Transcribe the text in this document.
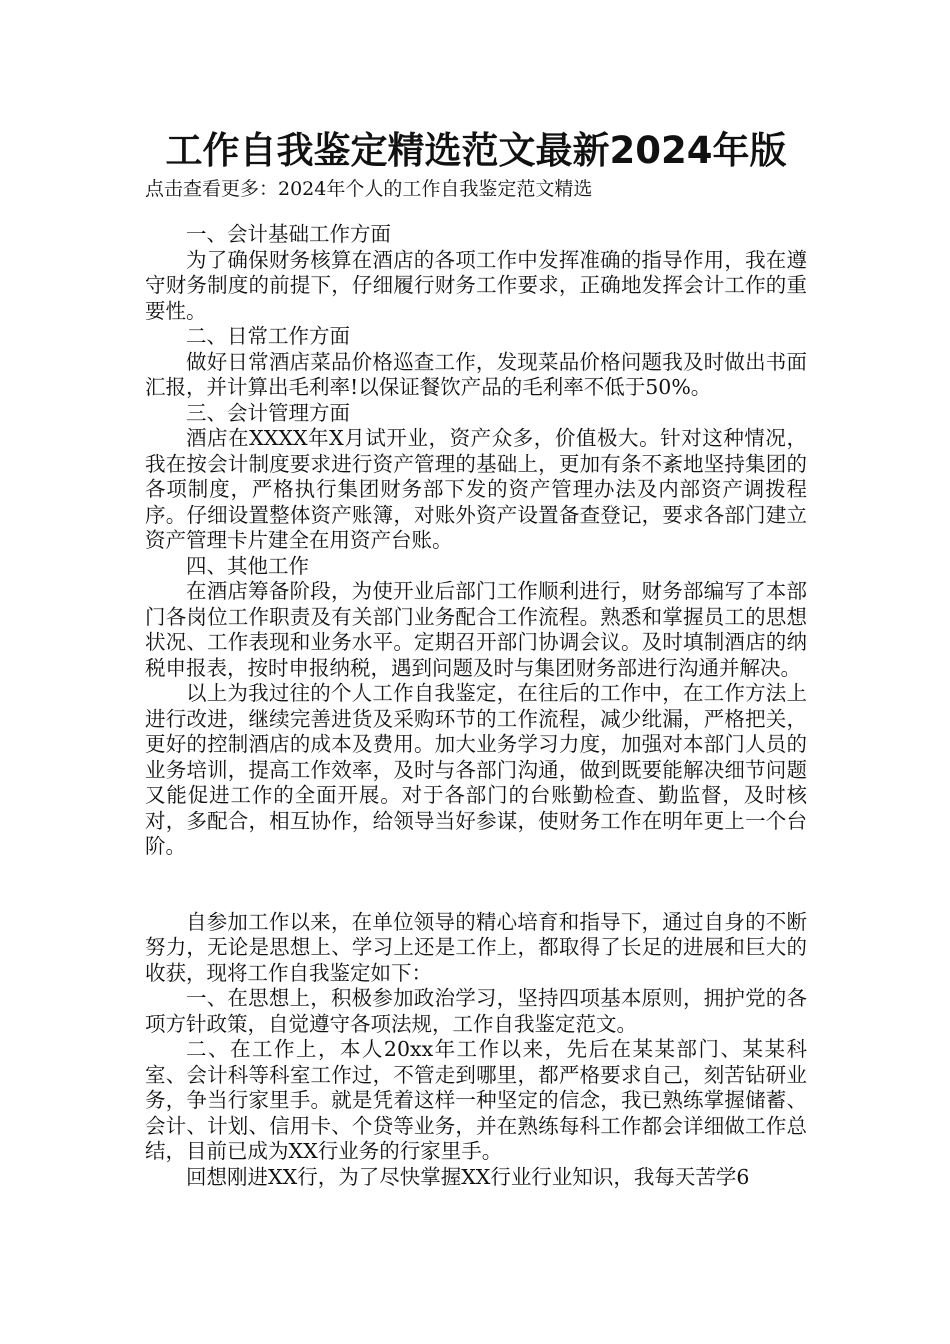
工作自我鉴定精选范文最新2024年版
点击查看更多：2024年个人的工作自我鉴定范文精选

一、会计基础工作方面

为了确保财务核算在酒店的各项工作中发挥准确的指导作用，我在遵守财务制度的前提下，仔细履行财务工作要求，正确地发挥会计工作的重要性。

二、日常工作方面

做好日常酒店菜品价格巡查工作，发现菜品价格问题我及时做出书面汇报，并计算出毛利率!以保证餐饮产品的毛利率不低于50%。

三、会计管理方面

酒店在XXXX年X月试开业，资产众多，价值极大。针对这种情况，我在按会计制度要求进行资产管理的基础上，更加有条不紊地坚持集团的各项制度，严格执行集团财务部下发的资产管理办法及内部资产调拨程序。仔细设置整体资产账簿，对账外资产设置备查登记，要求各部门建立资产管理卡片建全在用资产台账。

四、其他工作

在酒店筹备阶段，为使开业后部门工作顺利进行，财务部编写了本部门各岗位工作职责及有关部门业务配合工作流程。熟悉和掌握员工的思想状况、工作表现和业务水平。定期召开部门协调会议。及时填制酒店的纳税申报表，按时申报纳税，遇到问题及时与集团财务部进行沟通并解决。

以上为我过往的个人工作自我鉴定，在往后的工作中，在工作方法上进行改进，继续完善进货及采购环节的工作流程，减少纰漏，严格把关，更好的控制酒店的成本及费用。加大业务学习力度，加强对本部门人员的业务培训，提高工作效率，及时与各部门沟通，做到既要能解决细节问题又能促进工作的全面开展。对于各部门的台账勤检查、勤监督，及时核对，多配合，相互协作，给领导当好参谋，使财务工作在明年更上一个台阶。

自参加工作以来，在单位领导的精心培育和指导下，通过自身的不断努力，无论是思想上、学习上还是工作上，都取得了长足的进展和巨大的收获，现将工作自我鉴定如下：

一、在思想上，积极参加政治学习，坚持四项基本原则，拥护党的各项方针政策，自觉遵守各项法规，工作自我鉴定范文。

二、在工作上，本人20xx年工作以来，先后在某某部门、某某科室、会计科等科室工作过，不管走到哪里，都严格要求自己，刻苦钻研业务，争当行家里手。就是凭着这样一种坚定的信念，我已熟练掌握储蓄、会计、计划、信用卡、个贷等业务，并在熟练每科工作都会详细做工作总结，目前已成为XX行业务的行家里手。

回想刚进XX行，为了尽快掌握XX行业行业知识，我每天苦学6
